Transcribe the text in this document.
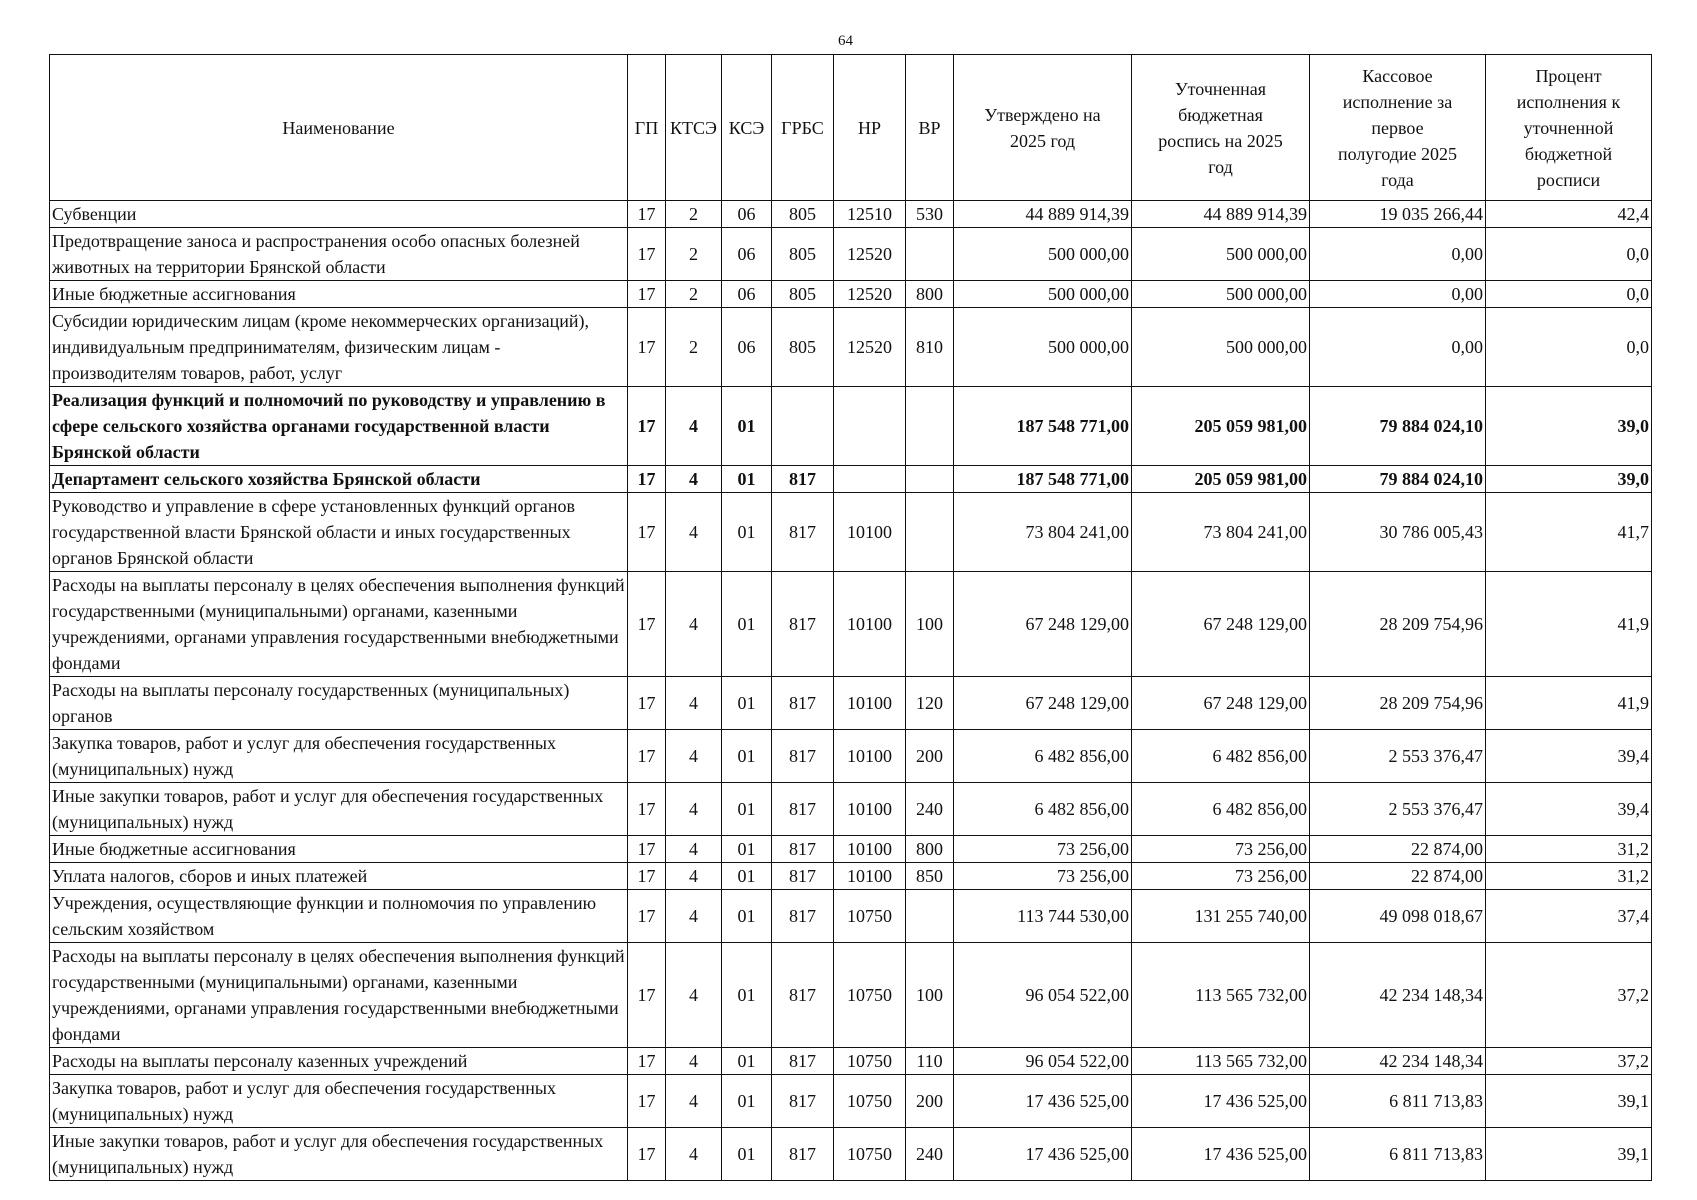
64
Наименование	ГП	КТСЭ	КСЭ	ГРБС	НР	ВР	Утверждено на 2025 год	Уточненная бюджетная роспись на 2025 год	Кассовое исполнение за первое полугодие 2025 года	Процент исполнения к уточненной бюджетной росписи
Субвенции	17	2	06	805	12510	530	44 889 914,39	44 889 914,39	19 035 266,44	42,4
Предотвращение заноса и распространения особо опасных болезней животных на территории Брянской области	17	2	06	805	12520		500 000,00	500 000,00	0,00	0,0
Иные бюджетные ассигнования	17	2	06	805	12520	800	500 000,00	500 000,00	0,00	0,0
Субсидии юридическим лицам (кроме некоммерческих организаций), индивидуальным предпринимателям, физическим лицам - производителям товаров, работ, услуг	17	2	06	805	12520	810	500 000,00	500 000,00	0,00	0,0
Реализация функций и полномочий по руководству и управлению в сфере сельского хозяйства органами государственной власти Брянской области	17	4	01				187 548 771,00	205 059 981,00	79 884 024,10	39,0
Департамент сельского хозяйства Брянской области	17	4	01	817			187 548 771,00	205 059 981,00	79 884 024,10	39,0
Руководство и управление в сфере установленных функций органов государственной власти Брянской области и иных государственных органов Брянской области	17	4	01	817	10100		73 804 241,00	73 804 241,00	30 786 005,43	41,7
Расходы на выплаты персоналу в целях обеспечения выполнения функций государственными (муниципальными) органами, казенными учреждениями, органами управления государственными внебюджетными фондами	17	4	01	817	10100	100	67 248 129,00	67 248 129,00	28 209 754,96	41,9
Расходы на выплаты персоналу государственных (муниципальных) органов	17	4	01	817	10100	120	67 248 129,00	67 248 129,00	28 209 754,96	41,9
Закупка товаров, работ и услуг для обеспечения государственных (муниципальных) нужд	17	4	01	817	10100	200	6 482 856,00	6 482 856,00	2 553 376,47	39,4
Иные закупки товаров, работ и услуг для обеспечения государственных (муниципальных) нужд	17	4	01	817	10100	240	6 482 856,00	6 482 856,00	2 553 376,47	39,4
Иные бюджетные ассигнования	17	4	01	817	10100	800	73 256,00	73 256,00	22 874,00	31,2
Уплата налогов, сборов и иных платежей	17	4	01	817	10100	850	73 256,00	73 256,00	22 874,00	31,2
Учреждения, осуществляющие функции и полномочия по управлению сельским хозяйством	17	4	01	817	10750		113 744 530,00	131 255 740,00	49 098 018,67	37,4
Расходы на выплаты персоналу в целях обеспечения выполнения функций государственными (муниципальными) органами, казенными учреждениями, органами управления государственными внебюджетными фондами	17	4	01	817	10750	100	96 054 522,00	113 565 732,00	42 234 148,34	37,2
Расходы на выплаты персоналу казенных учреждений	17	4	01	817	10750	110	96 054 522,00	113 565 732,00	42 234 148,34	37,2
Закупка товаров, работ и услуг для обеспечения государственных (муниципальных) нужд	17	4	01	817	10750	200	17 436 525,00	17 436 525,00	6 811 713,83	39,1
Иные закупки товаров, работ и услуг для обеспечения государственных (муниципальных) нужд	17	4	01	817	10750	240	17 436 525,00	17 436 525,00	6 811 713,83	39,1
